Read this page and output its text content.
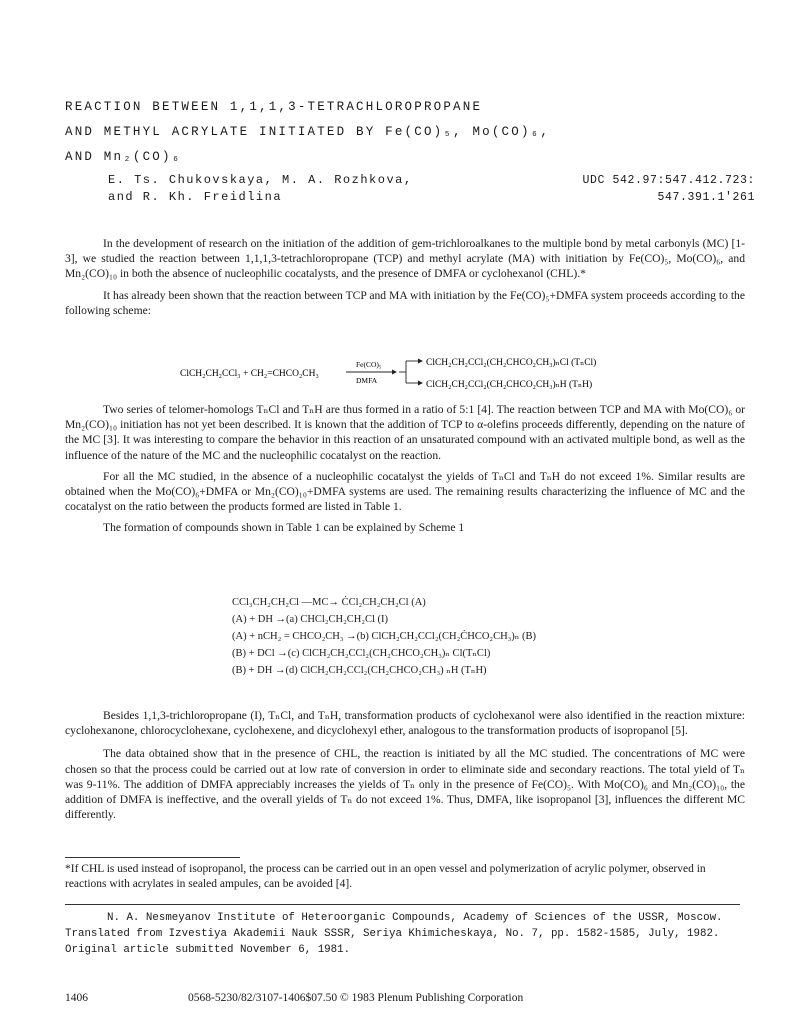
REACTION BETWEEN 1,1,1,3-TETRACHLOROPROPANE
AND METHYL ACRYLATE INITIATED BY Fe(CO)₅, Mo(CO)₆,
AND Mn₂(CO)₆
E. Ts. Chukovskaya, M. A. Rozhkova,
and R. Kh. Freidlina
UDC 542.97:547.412.723:
547.391.1'261

In the development of research on the initiation of the addition of gem-trichloroalkanes to the multiple bond by metal carbonyls (MC) [1-3], we studied the reaction between 1,1,1,3-tetrachloropropane (TCP) and methyl acrylate (MA) with initiation by Fe(CO)₅, Mo(CO)₆, and Mn₂(CO)₁₀ in both the absence of nucleophilic cocatalysts, and the presence of DMFA or cyclohexanol (CHL).*

It has already been shown that the reaction between TCP and MA with initiation by the Fe(CO)₅+DMFA system proceeds according to the following scheme:

ClCH₂CH₂CCl₃ + CH₂=CHCO₂CH₃
Fe(CO)₅
DMFA
ClCH₂CH₂CCl₂(CH₂CHCO₂CH₃)ₙCl (TₙCl)
ClCH₂CH₂CCl₂(CH₂CHCO₂CH₃)ₙH (TₙH)

Two series of telomer-homologs TₙCl and TₙH are thus formed in a ratio of 5:1 [4]. The reaction between TCP and MA with Mo(CO)₆ or Mn₂(CO)₁₀ initiation has not yet been described. It is known that the addition of TCP to α-olefins proceeds differently, depending on the nature of the MC [3]. It was interesting to compare the behavior in this reaction of an unsaturated compound with an activated multiple bond, as well as the influence of the nature of the MC and the nucleophilic cocatalyst on the reaction.

For all the MC studied, in the absence of a nucleophilic cocatalyst the yields of TₙCl and TₙH do not exceed 1%. Similar results are obtained when the Mo(CO)₆+DMFA or Mn₂(CO)₁₀+DMFA systems are used. The remaining results characterizing the influence of MC and the cocatalyst on the ratio between the products formed are listed in Table 1.

The formation of compounds shown in Table 1 can be explained by Scheme 1

CCl₃CH₂CH₂Cl —MC→ ĊCl₂CH₂CH₂Cl (A)
(A) + DH →(a) CHCl₂CH₂CH₂Cl (I)
(A) + nCH₂ = CHCO₂CH₃ →(b) ClCH₂CH₂CCl₂(CH₂ĊHCO₂CH₃)ₙ (B)
(B) + DCl →(c) ClCH₂CH₂CCl₂(CH₂CHCO₂CH₃)ₙ Cl(TₙCl)
(B) + DH →(d) ClCH₂CH₂CCl₂(CH₂CHCO₂CH₃) ₙH (TₙH)

Besides 1,1,3-trichloropropane (I), TₙCl, and TₙH, transformation products of cyclohexanol were also identified in the reaction mixture: cyclohexanone, chlorocyclohexane, cyclohexene, and dicyclohexyl ether, analogous to the transformation products of isopropanol [5].

The data obtained show that in the presence of CHL, the reaction is initiated by all the MC studied. The concentrations of MC were chosen so that the process could be carried out at low rate of conversion in order to eliminate side and secondary reactions. The total yield of Tₙ was 9-11%. The addition of DMFA appreciably increases the yields of Tₙ only in the presence of Fe(CO)₅. With Mo(CO)₆ and Mn₂(CO)₁₀, the addition of DMFA is ineffective, and the overall yields of Tₙ do not exceed 1%. Thus, DMFA, like isopropanol [3], influences the different MC differently.

*If CHL is used instead of isopropanol, the process can be carried out in an open vessel and polymerization of acrylic polymer, observed in reactions with acrylates in sealed ampules, can be avoided [4].
N. A. Nesmeyanov Institute of Heteroorganic Compounds, Academy of Sciences of the USSR, Moscow. Translated from Izvestiya Akademii Nauk SSSR, Seriya Khimicheskaya, No. 7, pp. 1582-1585, July, 1982. Original article submitted November 6, 1981.
1406	0568-5230/82/3107-1406$07.50 © 1983 Plenum Publishing Corporation
